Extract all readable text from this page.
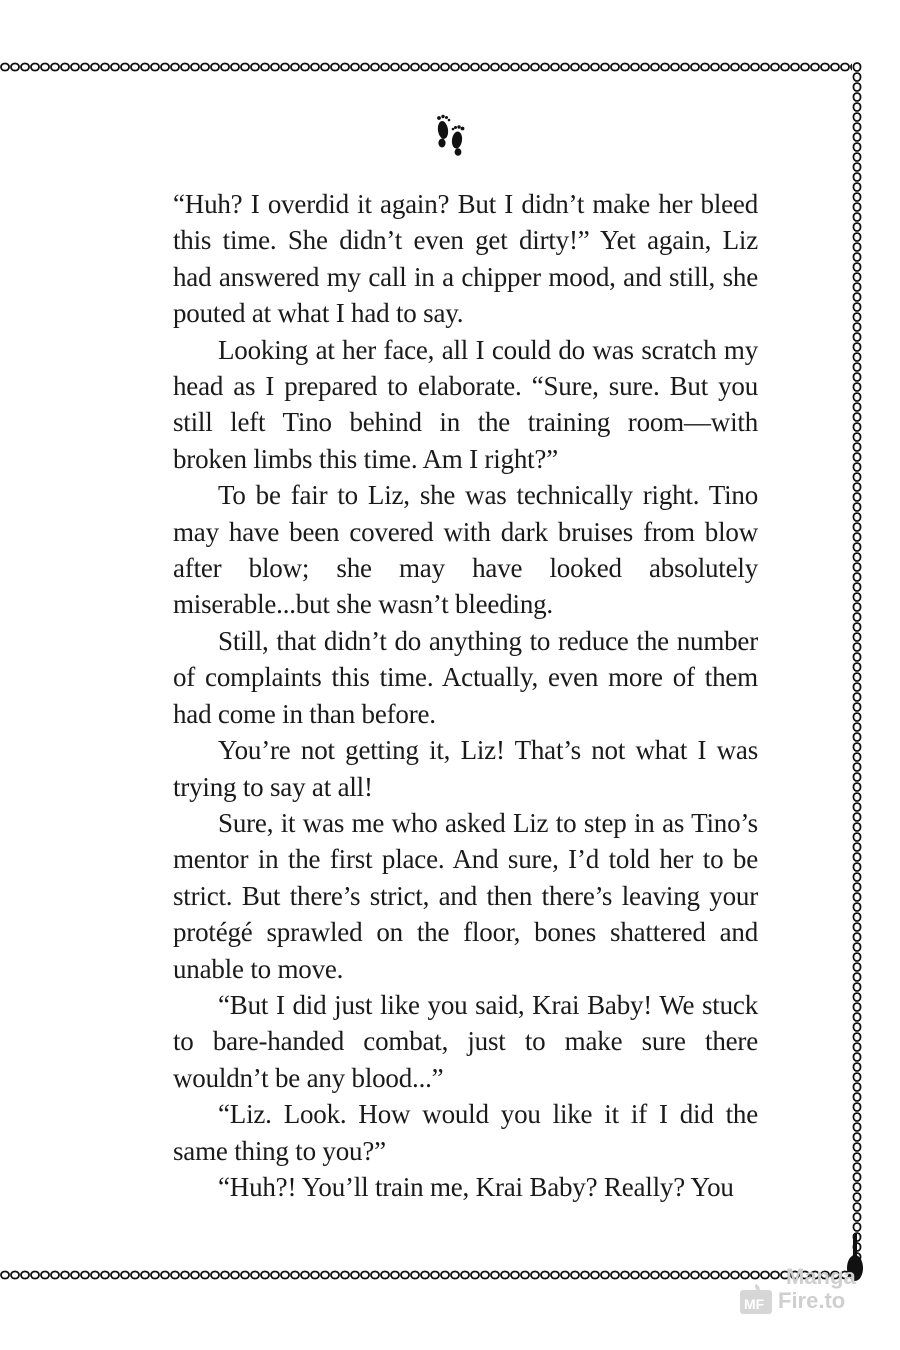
“Huh? I overdid it again? But I didn’t make her bleed this time. She didn’t even get dirty!” Yet again, Liz had answered my call in a chipper mood, and still, she pouted at what I had to say.

Looking at her face, all I could do was scratch my head as I prepared to elaborate. “Sure, sure. But you still left Tino behind in the training room—with broken limbs this time. Am I right?”

To be fair to Liz, she was technically right. Tino may have been covered with dark bruises from blow after blow; she may have looked absolutely miserable...but she wasn’t bleeding.

Still, that didn’t do anything to reduce the number of complaints this time. Actually, even more of them had come in than before.

You’re not getting it, Liz! That’s not what I was trying to say at all!

Sure, it was me who asked Liz to step in as Tino’s mentor in the first place. And sure, I’d told her to be strict. But there’s strict, and then there’s leaving your protégé sprawled on the floor, bones shattered and unable to move.

“But I did just like you said, Krai Baby! We stuck to bare-handed combat, just to make sure there wouldn’t be any blood...”

“Liz. Look. How would you like it if I did the same thing to you?”

“Huh?! You’ll train me, Krai Baby? Really? You

MF
Manga
Fire.to
